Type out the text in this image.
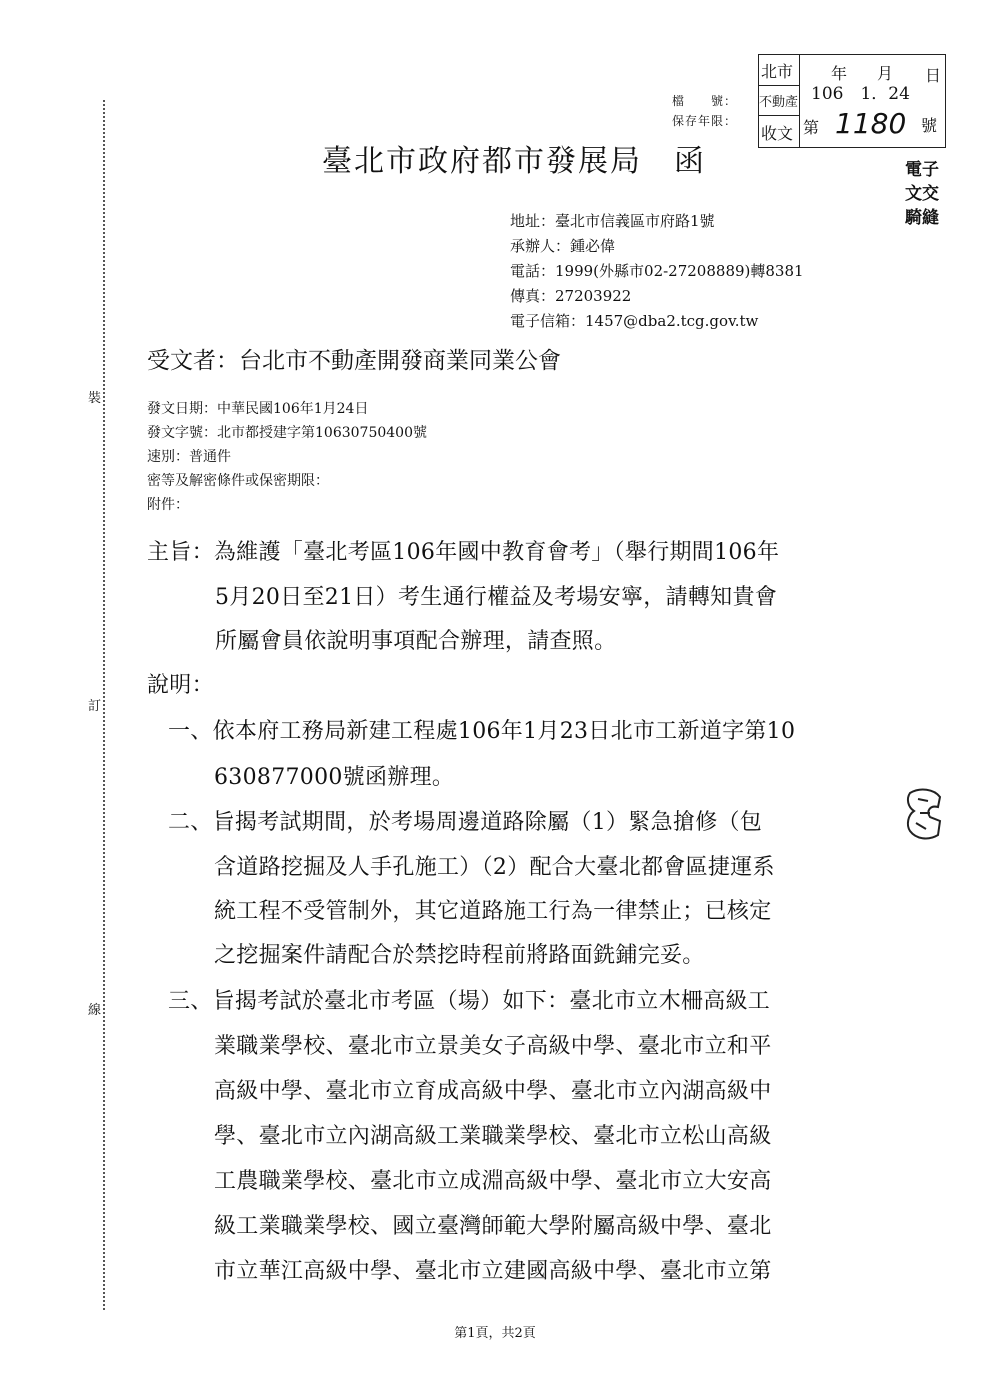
裝
訂
線
檔　　號：
保存年限：
北市
不動產
收文
年 月 日
106　1．24
第 1180 號
電子
文交
騎縫
臺北市政府都市發展局　函
地址：臺北市信義區市府路1號
承辦人：鍾必偉
電話：1999(外縣市02-27208889)轉8381
傳真：27203922
電子信箱：1457@dba2.tcg.gov.tw
受文者：台北市不動產開發商業同業公會
發文日期：中華民國106年1月24日
發文字號：北市都授建字第10630750400號
速別：普通件
密等及解密條件或保密期限：
附件：
主旨：為維護「臺北考區106年國中教育會考」（舉行期間106年
5月20日至21日）考生通行權益及考場安寧，請轉知貴會
所屬會員依說明事項配合辦理，請查照。
說明：
一、依本府工務局新建工程處106年1月23日北市工新道字第10
630877000號函辦理。
二、旨揭考試期間，於考場周邊道路除屬（1）緊急搶修（包
含道路挖掘及人手孔施工）（2）配合大臺北都會區捷運系
統工程不受管制外，其它道路施工行為一律禁止；已核定
之挖掘案件請配合於禁挖時程前將路面銑鋪完妥。
三、旨揭考試於臺北市考區（場）如下：臺北市立木柵高級工
業職業學校、臺北市立景美女子高級中學、臺北市立和平
高級中學、臺北市立育成高級中學、臺北市立內湖高級中
學、臺北市立內湖高級工業職業學校、臺北市立松山高級
工農職業學校、臺北市立成淵高級中學、臺北市立大安高
級工業職業學校、國立臺灣師範大學附屬高級中學、臺北
市立華江高級中學、臺北市立建國高級中學、臺北市立第
第1頁，共2頁
